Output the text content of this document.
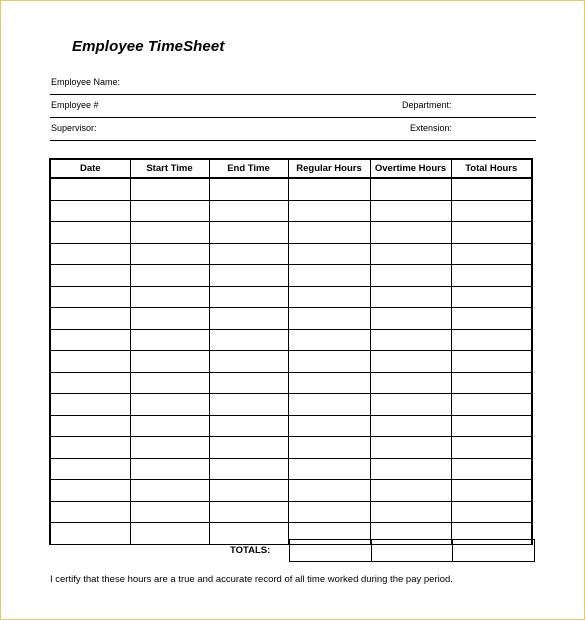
Employee TimeSheet
Employee Name:
Employee #	Department:
Supervisor:	Extension:
Date	Start Time	End Time	Regular Hours	Overtime Hours	Total Hours

TOTALS:

I certify that these hours are a true and accurate record of all time worked during the pay period.
